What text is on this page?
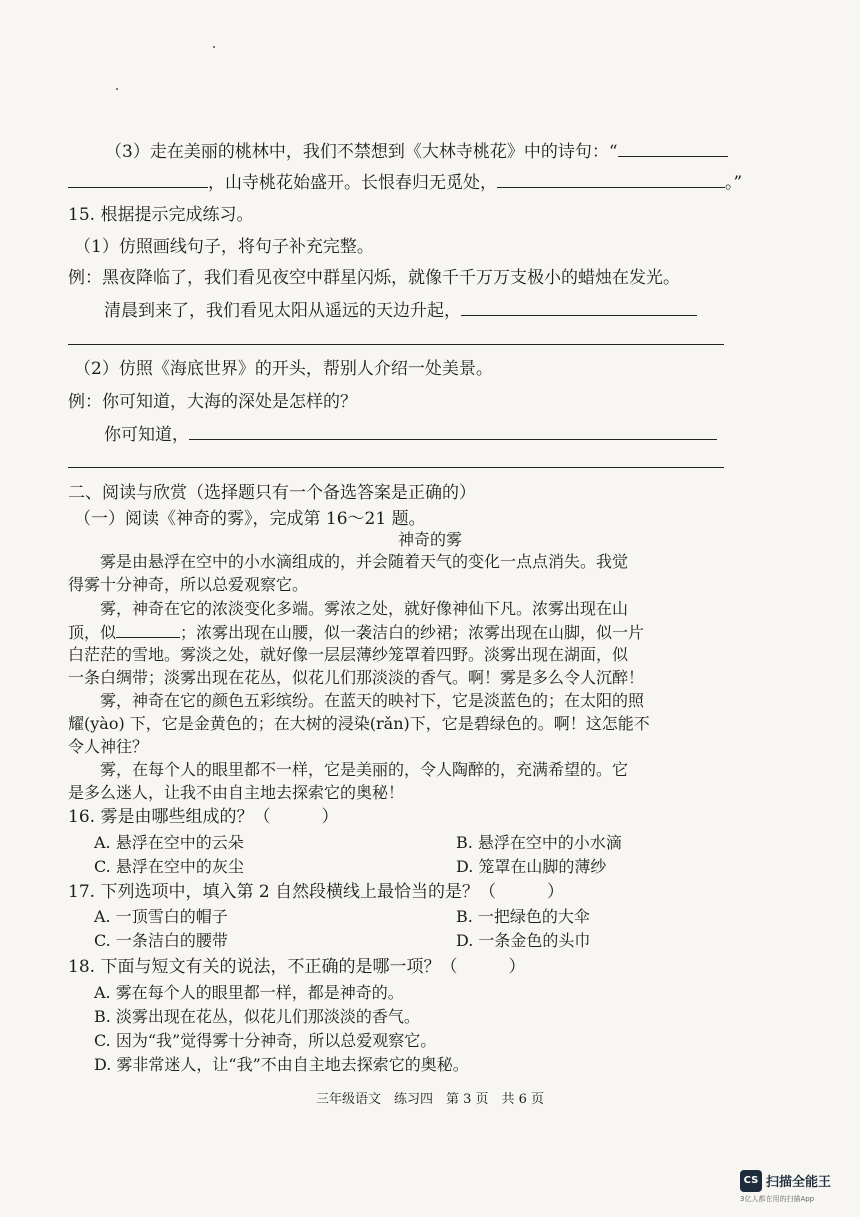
（3）走在美丽的桃林中，我们不禁想到《大林寺桃花》中的诗句：“
，山寺桃花始盛开。长恨春归无觅处，	。”
15. 根据提示完成练习。
（1）仿照画线句子，将句子补充完整。
例：黑夜降临了，我们看见夜空中群星闪烁，就像千千万万支极小的蜡烛在发光。
清晨到来了，我们看见太阳从遥远的天边升起，
（2）仿照《海底世界》的开头，帮别人介绍一处美景。
例：你可知道，大海的深处是怎样的？
你可知道，
二、阅读与欣赏（选择题只有一个备选答案是正确的）
（一）阅读《神奇的雾》，完成第 16～21 题。
神奇的雾
雾是由悬浮在空中的小水滴组成的，并会随着天气的变化一点点消失。我觉
得雾十分神奇，所以总爱观察它。
雾，神奇在它的浓淡变化多端。雾浓之处，就好像神仙下凡。浓雾出现在山
顶，似	；浓雾出现在山腰，似一袭洁白的纱裙；浓雾出现在山脚，似一片
白茫茫的雪地。雾淡之处，就好像一层层薄纱笼罩着四野。淡雾出现在湖面，似
一条白绸带；淡雾出现在花丛，似花儿们那淡淡的香气。啊！雾是多么令人沉醉！
雾，神奇在它的颜色五彩缤纷。在蓝天的映衬下，它是淡蓝色的；在太阳的照
耀(yào) 下，它是金黄色的；在大树的浸染(rǎn)下，它是碧绿色的。啊！这怎能不
令人神往？
雾，在每个人的眼里都不一样，它是美丽的，令人陶醉的，充满希望的。它
是多么迷人，让我不由自主地去探索它的奥秘！
16. 雾是由哪些组成的？（　　　）
A. 悬浮在空中的云朵	B. 悬浮在空中的小水滴
C. 悬浮在空中的灰尘	D. 笼罩在山脚的薄纱
17. 下列选项中，填入第 2 自然段横线上最恰当的是？（　　　）
A. 一顶雪白的帽子	B. 一把绿色的大伞
C. 一条洁白的腰带	D. 一条金色的头巾
18. 下面与短文有关的说法，不正确的是哪一项？（　　　）
A. 雾在每个人的眼里都一样，都是神奇的。
B. 淡雾出现在花丛，似花儿们那淡淡的香气。
C. 因为“我”觉得雾十分神奇，所以总爱观察它。
D. 雾非常迷人，让“我”不由自主地去探索它的奥秘。
三年级语文　练习四　第 3 页　共 6 页
CS 扫描全能王
3亿人都在用的扫描App
